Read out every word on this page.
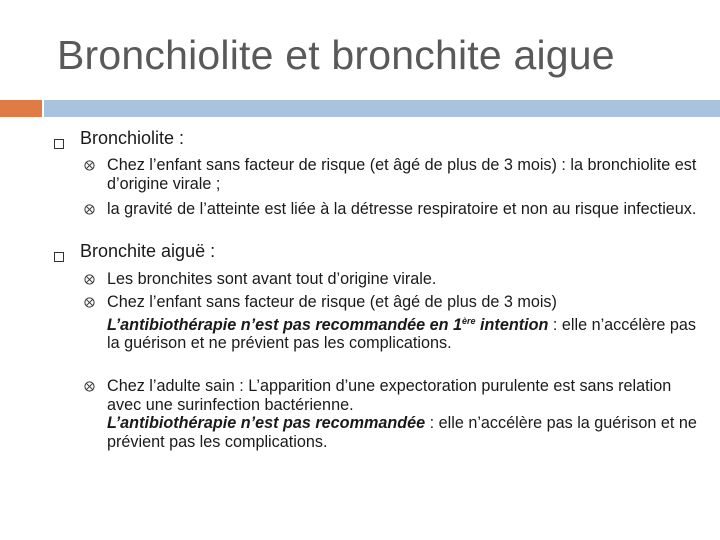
Bronchiolite et bronchite aigue
Bronchiolite :
Chez l’enfant sans facteur de risque (et âgé de plus de 3 mois) : la bronchiolite est d’origine virale ;
la gravité de l’atteinte est liée à la détresse respiratoire et non au risque infectieux.
Bronchite aiguë :
Les bronchites sont avant tout d’origine virale.
Chez l’enfant sans facteur de risque (et âgé de plus de 3 mois)
L’antibiothérapie n’est pas recommandée en 1ère intention : elle n’accélère pas la guérison et ne prévient pas les complications.
Chez l’adulte sain : L’apparition d’une expectoration purulente est sans relation avec une surinfection bactérienne.
L’antibiothérapie n’est pas recommandée : elle n’accélère pas la guérison et ne prévient pas les complications.
